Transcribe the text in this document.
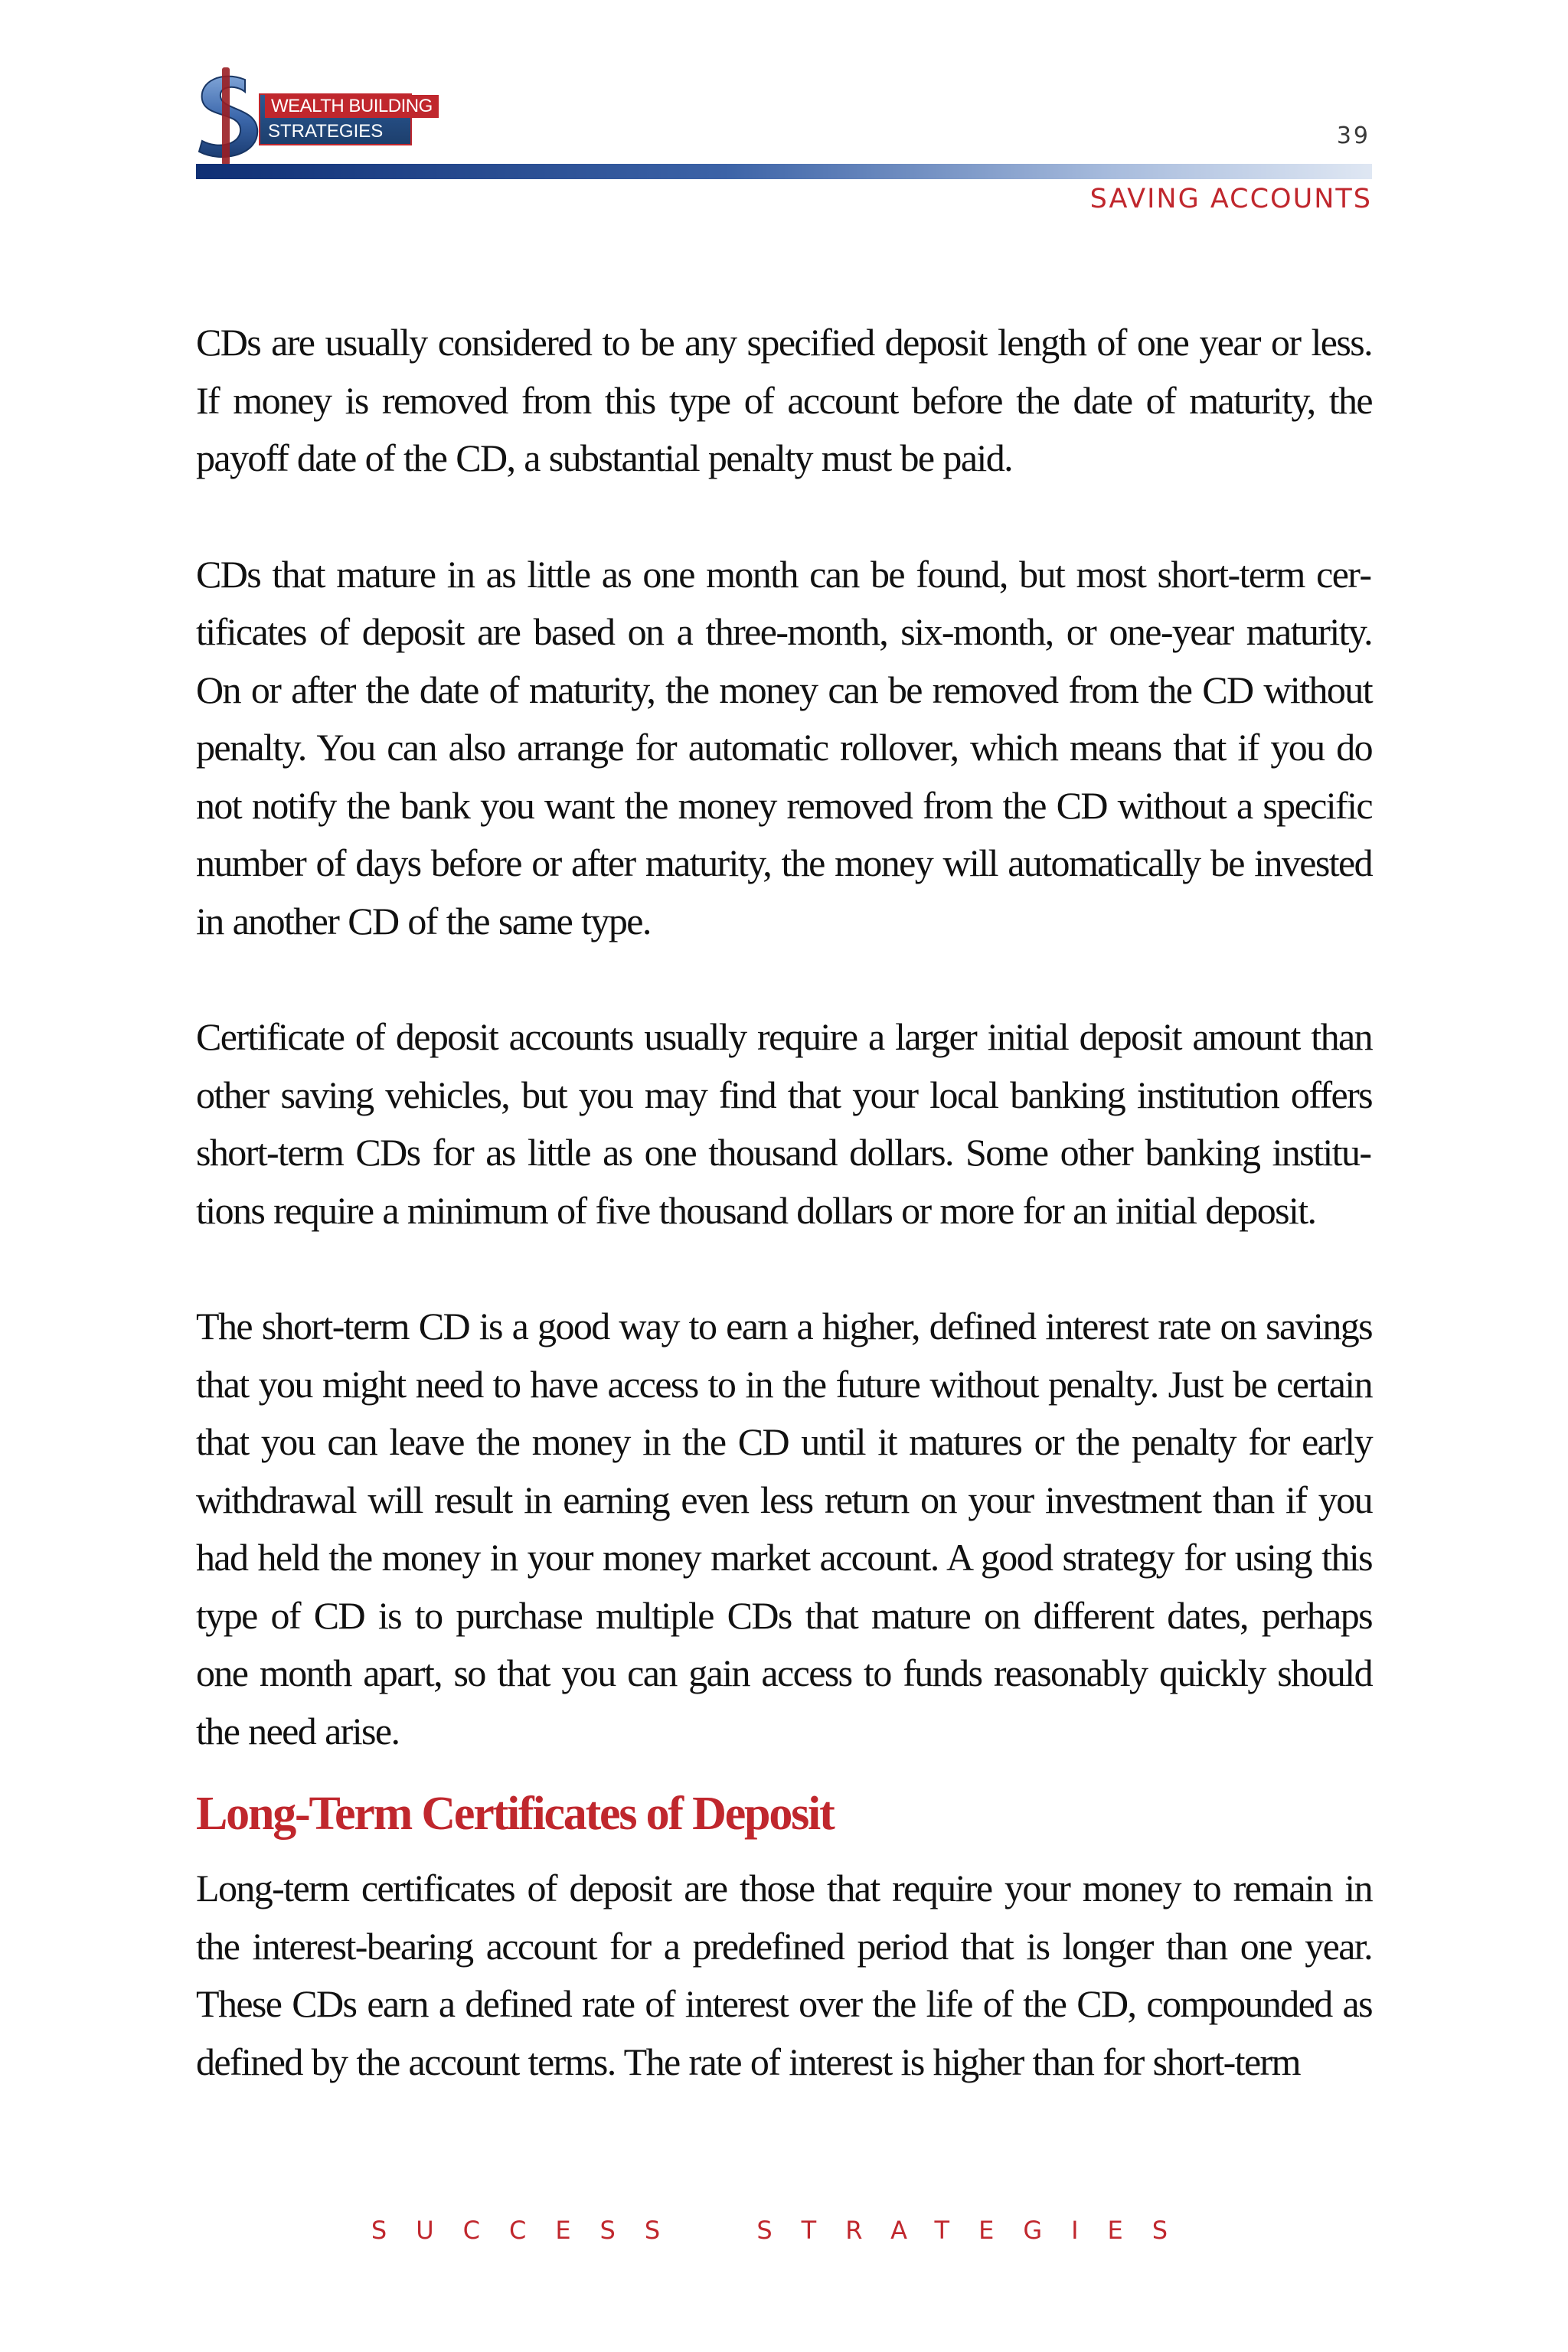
WEALTH BUILDING
STRATEGIES	39
SAVING ACCOUNTS

CDs are usually considered to be any specified deposit length of one year or less. If money is removed from this type of account before the date of maturity, the payoff date of the CD, a substantial penalty must be paid.

CDs that mature in as little as one month can be found, but most short-term certificates of deposit are based on a three-month, six-month, or one-year maturity. On or after the date of maturity, the money can be removed from the CD without penalty. You can also arrange for automatic rollover, which means that if you do not notify the bank you want the money removed from the CD without a specific number of days before or after maturity, the money will automatically be invested in another CD of the same type.

Certificate of deposit accounts usually require a larger initial deposit amount than other saving vehicles, but you may find that your local banking institution offers short-term CDs for as little as one thousand dollars. Some other banking institutions require a minimum of five thousand dollars or more for an initial deposit.

The short-term CD is a good way to earn a higher, defined interest rate on savings that you might need to have access to in the future without penalty. Just be certain that you can leave the money in the CD until it matures or the penalty for early withdrawal will result in earning even less return on your investment than if you had held the money in your money market account. A good strategy for using this type of CD is to purchase multiple CDs that mature on different dates, perhaps one month apart, so that you can gain access to funds reasonably quickly should the need arise.

Long-Term Certificates of Deposit

Long-term certificates of deposit are those that require your money to remain in the interest-bearing account for a predefined period that is longer than one year. These CDs earn a defined rate of interest over the life of the CD, compounded as defined by the account terms. The rate of interest is higher than for short-term

SUCCESS STRATEGIES
